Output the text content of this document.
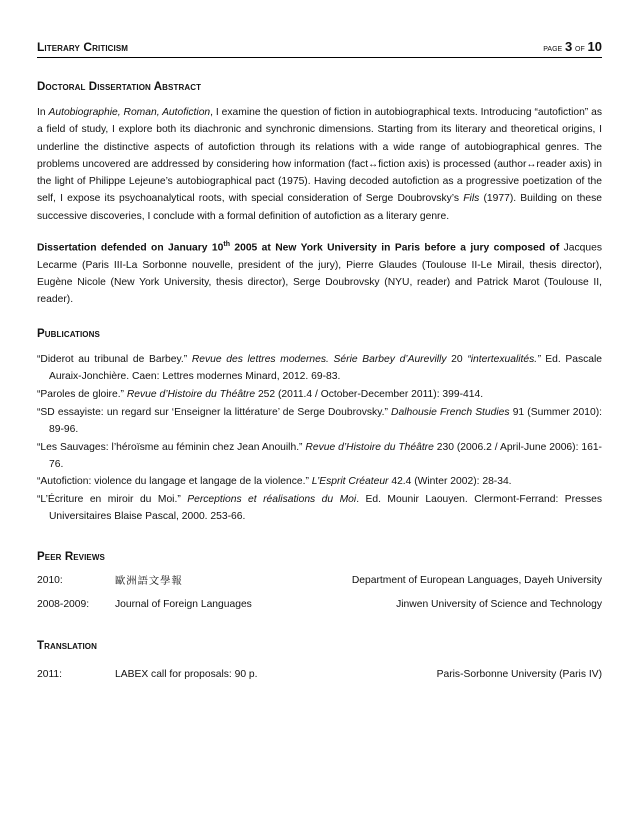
Literary Criticism	page 3 of 10
Doctoral Dissertation Abstract
In Autobiographie, Roman, Autofiction, I examine the question of fiction in autobiographical texts. Introducing “autofiction” as a field of study, I explore both its diachronic and synchronic dimensions. Starting from its literary and theoretical origins, I underline the distinctive aspects of autofiction through its relations with a wide range of autobiographical genres. The problems uncovered are addressed by considering how information (fact↔fiction axis) is processed (author↔reader axis) in the light of Philippe Lejeune’s autobiographical pact (1975). Having decoded autofiction as a progressive poetization of the self, I expose its psychoanalytical roots, with special consideration of Serge Doubrovsky’s Fils (1977). Building on these successive discoveries, I conclude with a formal definition of autofiction as a literary genre.
Dissertation defended on January 10th 2005 at New York University in Paris before a jury composed of Jacques Lecarme (Paris III-La Sorbonne nouvelle, president of the jury), Pierre Glaudes (Toulouse II-Le Mirail, thesis director), Eugène Nicole (New York University, thesis director), Serge Doubrovsky (NYU, reader) and Patrick Marot (Toulouse II, reader).
Publications
“Diderot au tribunal de Barbey.” Revue des lettres modernes. Série Barbey d’Aurevilly 20 “intertexualités.” Ed. Pascale Auraix-Jonchière. Caen: Lettres modernes Minard, 2012. 69-83.
“Paroles de gloire.” Revue d’Histoire du Théâtre 252 (2011.4 / October-December 2011): 399-414.
“SD essayiste: un regard sur ‘Enseigner la littérature’ de Serge Doubrovsky.” Dalhousie French Studies 91 (Summer 2010): 89-96.
“Les Sauvages: l’héroïsme au féminin chez Jean Anouilh.” Revue d’Histoire du Théâtre 230 (2006.2 / April-June 2006): 161-76.
“Autofiction: violence du langage et langage de la violence.” L’Esprit Créateur 42.4 (Winter 2002): 28-34.
“L’Écriture en miroir du Moi.” Perceptions et réalisations du Moi. Ed. Mounir Laouyen. Clermont-Ferrand: Presses Universitaires Blaise Pascal, 2000. 253-66.
Peer Reviews
2010:	歐洲語文學報	Department of European Languages, Dayeh University
2008-2009:	Journal of Foreign Languages	Jinwen University of Science and Technology
Translation
2011:	LABEX call for proposals: 90 p.	Paris-Sorbonne University (Paris IV)
